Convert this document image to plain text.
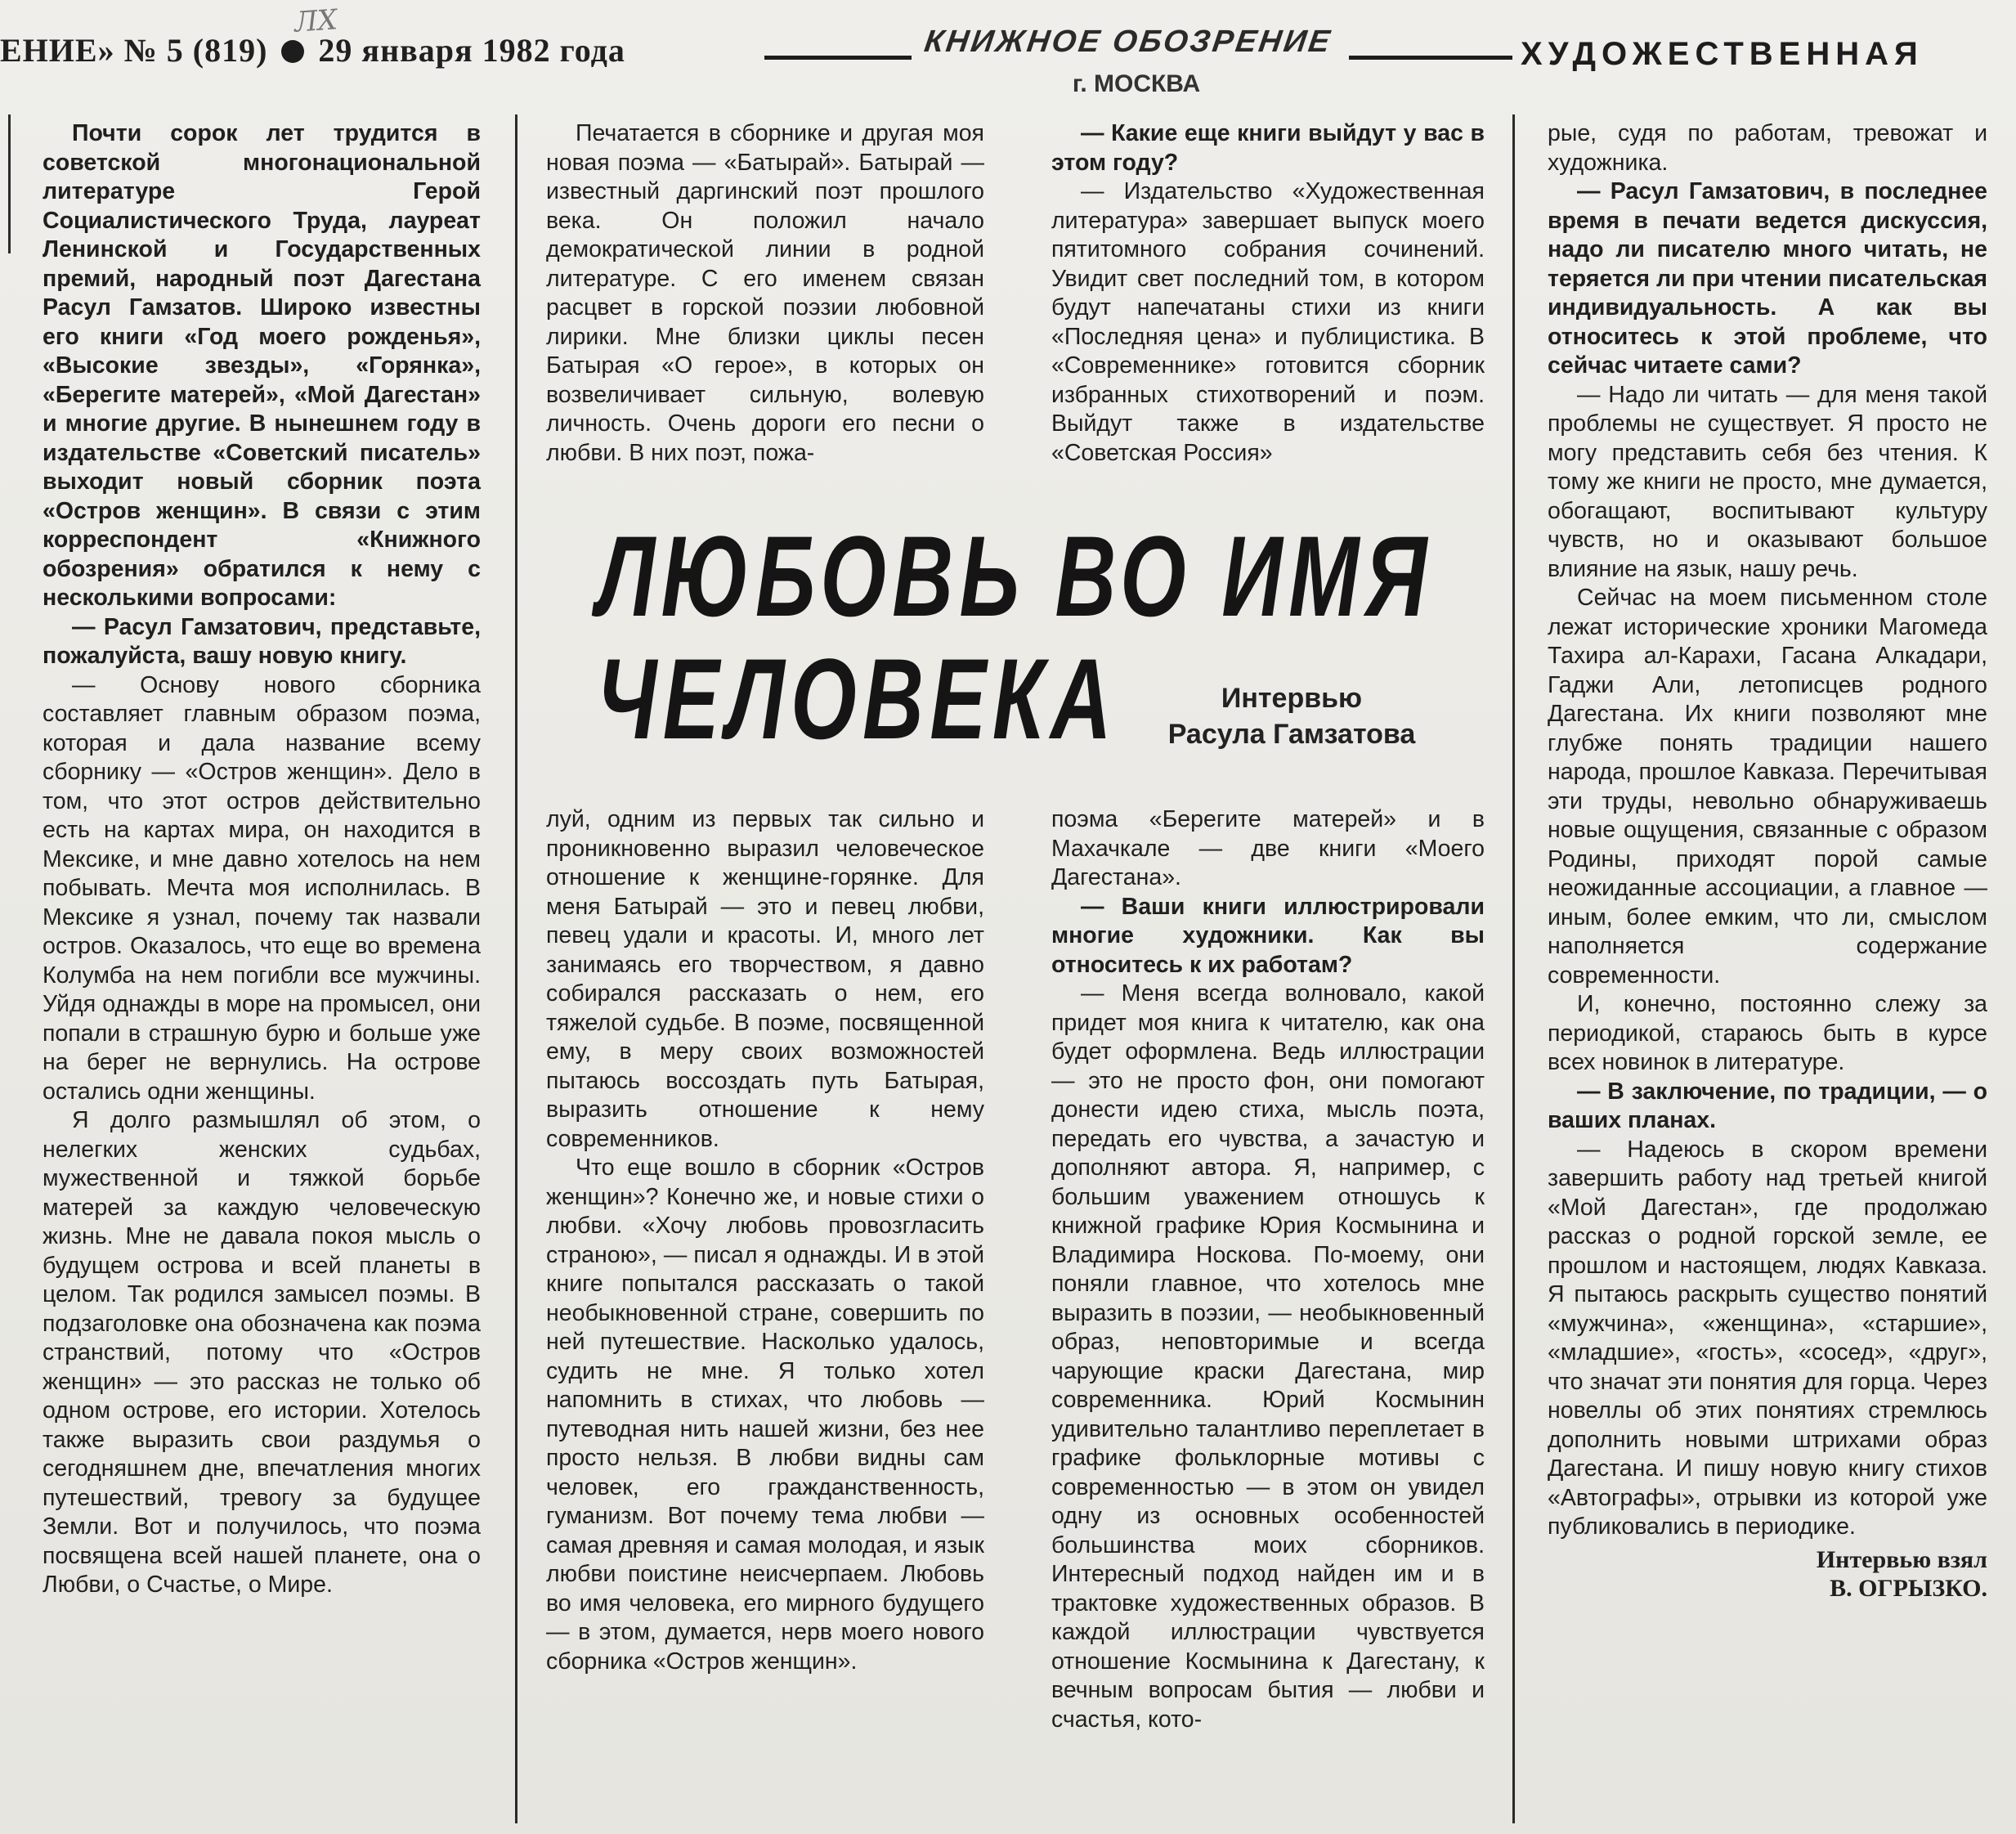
ЛХ
ЕНИЕ» № 5 (819) 29 января 1982 года	КНИЖНОЕ ОБОЗРЕНИЕ
г. МОСКВА
ХУДОЖЕСТВЕННАЯ

Почти сорок лет трудится в советской многонациональной литературе Герой Социалистического Труда, лауреат Ленинской и Государственных премий, народный поэт Дагестана Расул Гамзатов. Широко известны его книги «Год моего рожденья», «Высокие звезды», «Горянка», «Берегите матерей», «Мой Дагестан» и многие другие. В нынешнем году в издательстве «Советский писатель» выходит новый сборник поэта «Остров женщин». В связи с этим корреспондент «Книжного обозрения» обратился к нему с несколькими вопросами:

— Расул Гамзатович, представьте, пожалуйста, вашу новую книгу.

— Основу нового сборника составляет главным образом поэма, которая и дала название всему сборнику — «Остров женщин». Дело в том, что этот остров действительно есть на картах мира, он находится в Мексике, и мне давно хотелось на нем побывать. Мечта моя исполнилась. В Мексике я узнал, почему так назвали остров. Оказалось, что еще во времена Колумба на нем погибли все мужчины. Уйдя однажды в море на промысел, они попали в страшную бурю и больше уже на берег не вернулись. На острове остались одни женщины.

Я долго размышлял об этом, о нелегких женских судьбах, мужественной и тяжкой борьбе матерей за каждую человеческую жизнь. Мне не давала покоя мысль о будущем острова и всей планеты в целом. Так родился замысел поэмы. В подзаголовке она обозначена как поэма странствий, потому что «Остров женщин» — это рассказ не только об одном острове, его истории. Хотелось также выразить свои раздумья о сегодняшнем дне, впечатления многих путешествий, тревогу за будущее Земли. Вот и получилось, что поэма посвящена всей нашей планете, она о Любви, о Счастье, о Мире.

Печатается в сборнике и другая моя новая поэма — «Батырай». Батырай — известный даргинский поэт прошлого века. Он положил начало демократической линии в родной литературе. С его именем связан расцвет в горской поэзии любовной лирики. Мне близки циклы песен Батырая «О герое», в которых он возвеличивает сильную, волевую личность. Очень дороги его песни о любви. В них поэт, пожа-

— Какие еще книги выйдут у вас в этом году?

— Издательство «Художественная литература» завершает выпуск моего пятитомного собрания сочинений. Увидит свет последний том, в котором будут напечатаны стихи из книги «Последняя цена» и публицистика. В «Современнике» готовится сборник избранных стихотворений и поэм. Выйдут также в издательстве «Советская Россия»

ЛЮБОВЬ ВО ИМЯ
ЧЕЛОВЕКА	Интервью
Расула Гамзатова

луй, одним из первых так сильно и проникновенно выразил человеческое отношение к женщине-горянке. Для меня Батырай — это и певец любви, певец удали и красоты. И, много лет занимаясь его творчеством, я давно собирался рассказать о нем, его тяжелой судьбе. В поэме, посвященной ему, в меру своих возможностей пытаюсь воссоздать путь Батырая, выразить отношение к нему современников.

Что еще вошло в сборник «Остров женщин»? Конечно же, и новые стихи о любви. «Хочу любовь провозгласить страною», — писал я однажды. И в этой книге попытался рассказать о такой необыкновенной стране, совершить по ней путешествие. Насколько удалось, судить не мне. Я только хотел напомнить в стихах, что любовь — путеводная нить нашей жизни, без нее просто нельзя. В любви видны сам человек, его гражданственность, гуманизм. Вот почему тема любви — самая древняя и самая молодая, и язык любви поистине неисчерпаем. Любовь во имя человека, его мирного будущего — в этом, думается, нерв моего нового сборника «Остров женщин».

поэма «Берегите матерей» и в Махачкале — две книги «Моего Дагестана».

— Ваши книги иллюстрировали многие художники. Как вы относитесь к их работам?

— Меня всегда волновало, какой придет моя книга к читателю, как она будет оформлена. Ведь иллюстрации — это не просто фон, они помогают донести идею стиха, мысль поэта, передать его чувства, а зачастую и дополняют автора. Я, например, с большим уважением отношусь к книжной графике Юрия Космынина и Владимира Носкова. По-моему, они поняли главное, что хотелось мне выразить в поэзии, — необыкновенный образ, неповторимые и всегда чарующие краски Дагестана, мир современника. Юрий Космынин удивительно талантливо переплетает в графике фольклорные мотивы с современностью — в этом он увидел одну из основных особенностей большинства моих сборников. Интересный подход найден им и в трактовке художественных образов. В каждой иллюстрации чувствуется отношение Космынина к Дагестану, к вечным вопросам бытия — любви и счастья, кото-

рые, судя по работам, тревожат и художника.

— Расул Гамзатович, в последнее время в печати ведется дискуссия, надо ли писателю много читать, не теряется ли при чтении писательская индивидуальность. А как вы относитесь к этой проблеме, что сейчас читаете сами?

— Надо ли читать — для меня такой проблемы не существует. Я просто не могу представить себя без чтения. К тому же книги не просто, мне думается, обогащают, воспитывают культуру чувств, но и оказывают большое влияние на язык, нашу речь.

Сейчас на моем письменном столе лежат исторические хроники Магомеда Тахира ал-Карахи, Гасана Алкадари, Гаджи Али, летописцев родного Дагестана. Их книги позволяют мне глубже понять традиции нашего народа, прошлое Кавказа. Перечитывая эти труды, невольно обнаруживаешь новые ощущения, связанные с образом Родины, приходят порой самые неожиданные ассоциации, а главное — иным, более емким, что ли, смыслом наполняется содержание современности.

И, конечно, постоянно слежу за периодикой, стараюсь быть в курсе всех новинок в литературе.

— В заключение, по традиции, — о ваших планах.

— Надеюсь в скором времени завершить работу над третьей книгой «Мой Дагестан», где продолжаю рассказ о родной горской земле, ее прошлом и настоящем, людях Кавказа. Я пытаюсь раскрыть существо понятий «мужчина», «женщина», «старшие», «младшие», «гость», «сосед», «друг», что значат эти понятия для горца. Через новеллы об этих понятиях стремлюсь дополнить новыми штрихами образ Дагестана. И пишу новую книгу стихов «Автографы», отрывки из которой уже публиковались в периодике.

Интервью взял
В. ОГРЫЗКО.
